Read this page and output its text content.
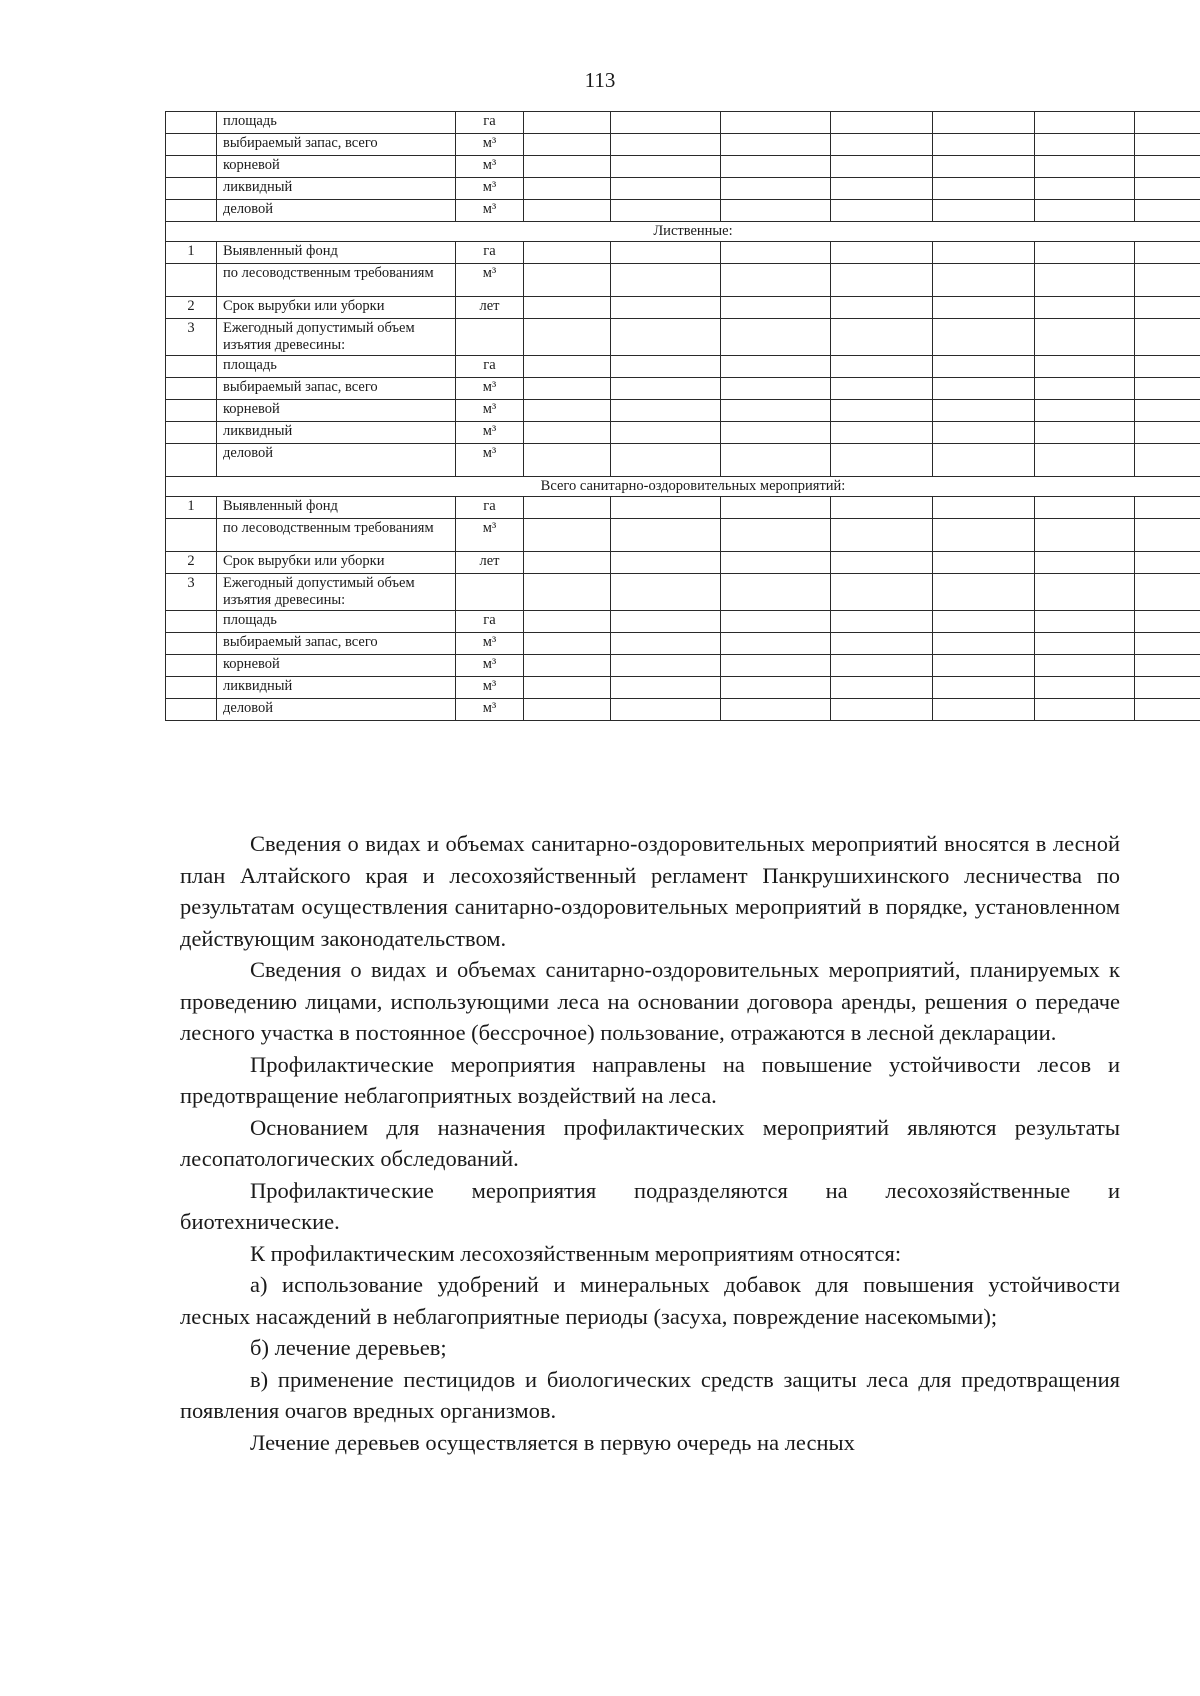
113
	площадь	га							
	выбираемый запас, всего	м³							
	корневой	м³							
	ликвидный	м³							
	деловой	м³							
Лиственные:									
1	Выявленный фонд	га							
	по лесоводственным требованиям	м³							
2	Срок вырубки или уборки	лет							
3	Ежегодный допустимый объем изъятия древесины:								
	площадь	га							
	выбираемый запас, всего	м³							
	корневой	м³							
	ликвидный	м³							
	деловой	м³							
Всего санитарно-оздоровительных мероприятий:									
1	Выявленный фонд	га							
	по лесоводственным требованиям	м³							
2	Срок вырубки или уборки	лет							
3	Ежегодный допустимый объем изъятия древесины:								
	площадь	га							
	выбираемый запас, всего	м³							
	корневой	м³							
	ликвидный	м³							
	деловой	м³							

Сведения о видах и объемах санитарно-оздоровительных мероприятий вносятся в лесной план Алтайского края и лесохозяйственный регламент Панкрушихинского лесничества по результатам осуществления санитарно-оздоровительных мероприятий в порядке, установленном действующим законодательством.

Сведения о видах и объемах санитарно-оздоровительных мероприятий, планируемых к проведению лицами, использующими леса на основании договора аренды, решения о передаче лесного участка в постоянное (бессрочное) пользование, отражаются в лесной декларации.

Профилактические мероприятия направлены на повышение устойчивости лесов и предотвращение неблагоприятных воздействий на леса.

Основанием для назначения профилактических мероприятий являются результаты лесопатологических обследований.

Профилактические мероприятия подразделяются на лесохозяйственные и биотехнические.

К профилактическим лесохозяйственным мероприятиям относятся:

а) использование удобрений и минеральных добавок для повышения устойчивости лесных насаждений в неблагоприятные периоды (засуха, повреждение насекомыми);

б) лечение деревьев;

в) применение пестицидов и биологических средств защиты леса для предотвращения появления очагов вредных организмов.

Лечение деревьев осуществляется в первую очередь на лесных
